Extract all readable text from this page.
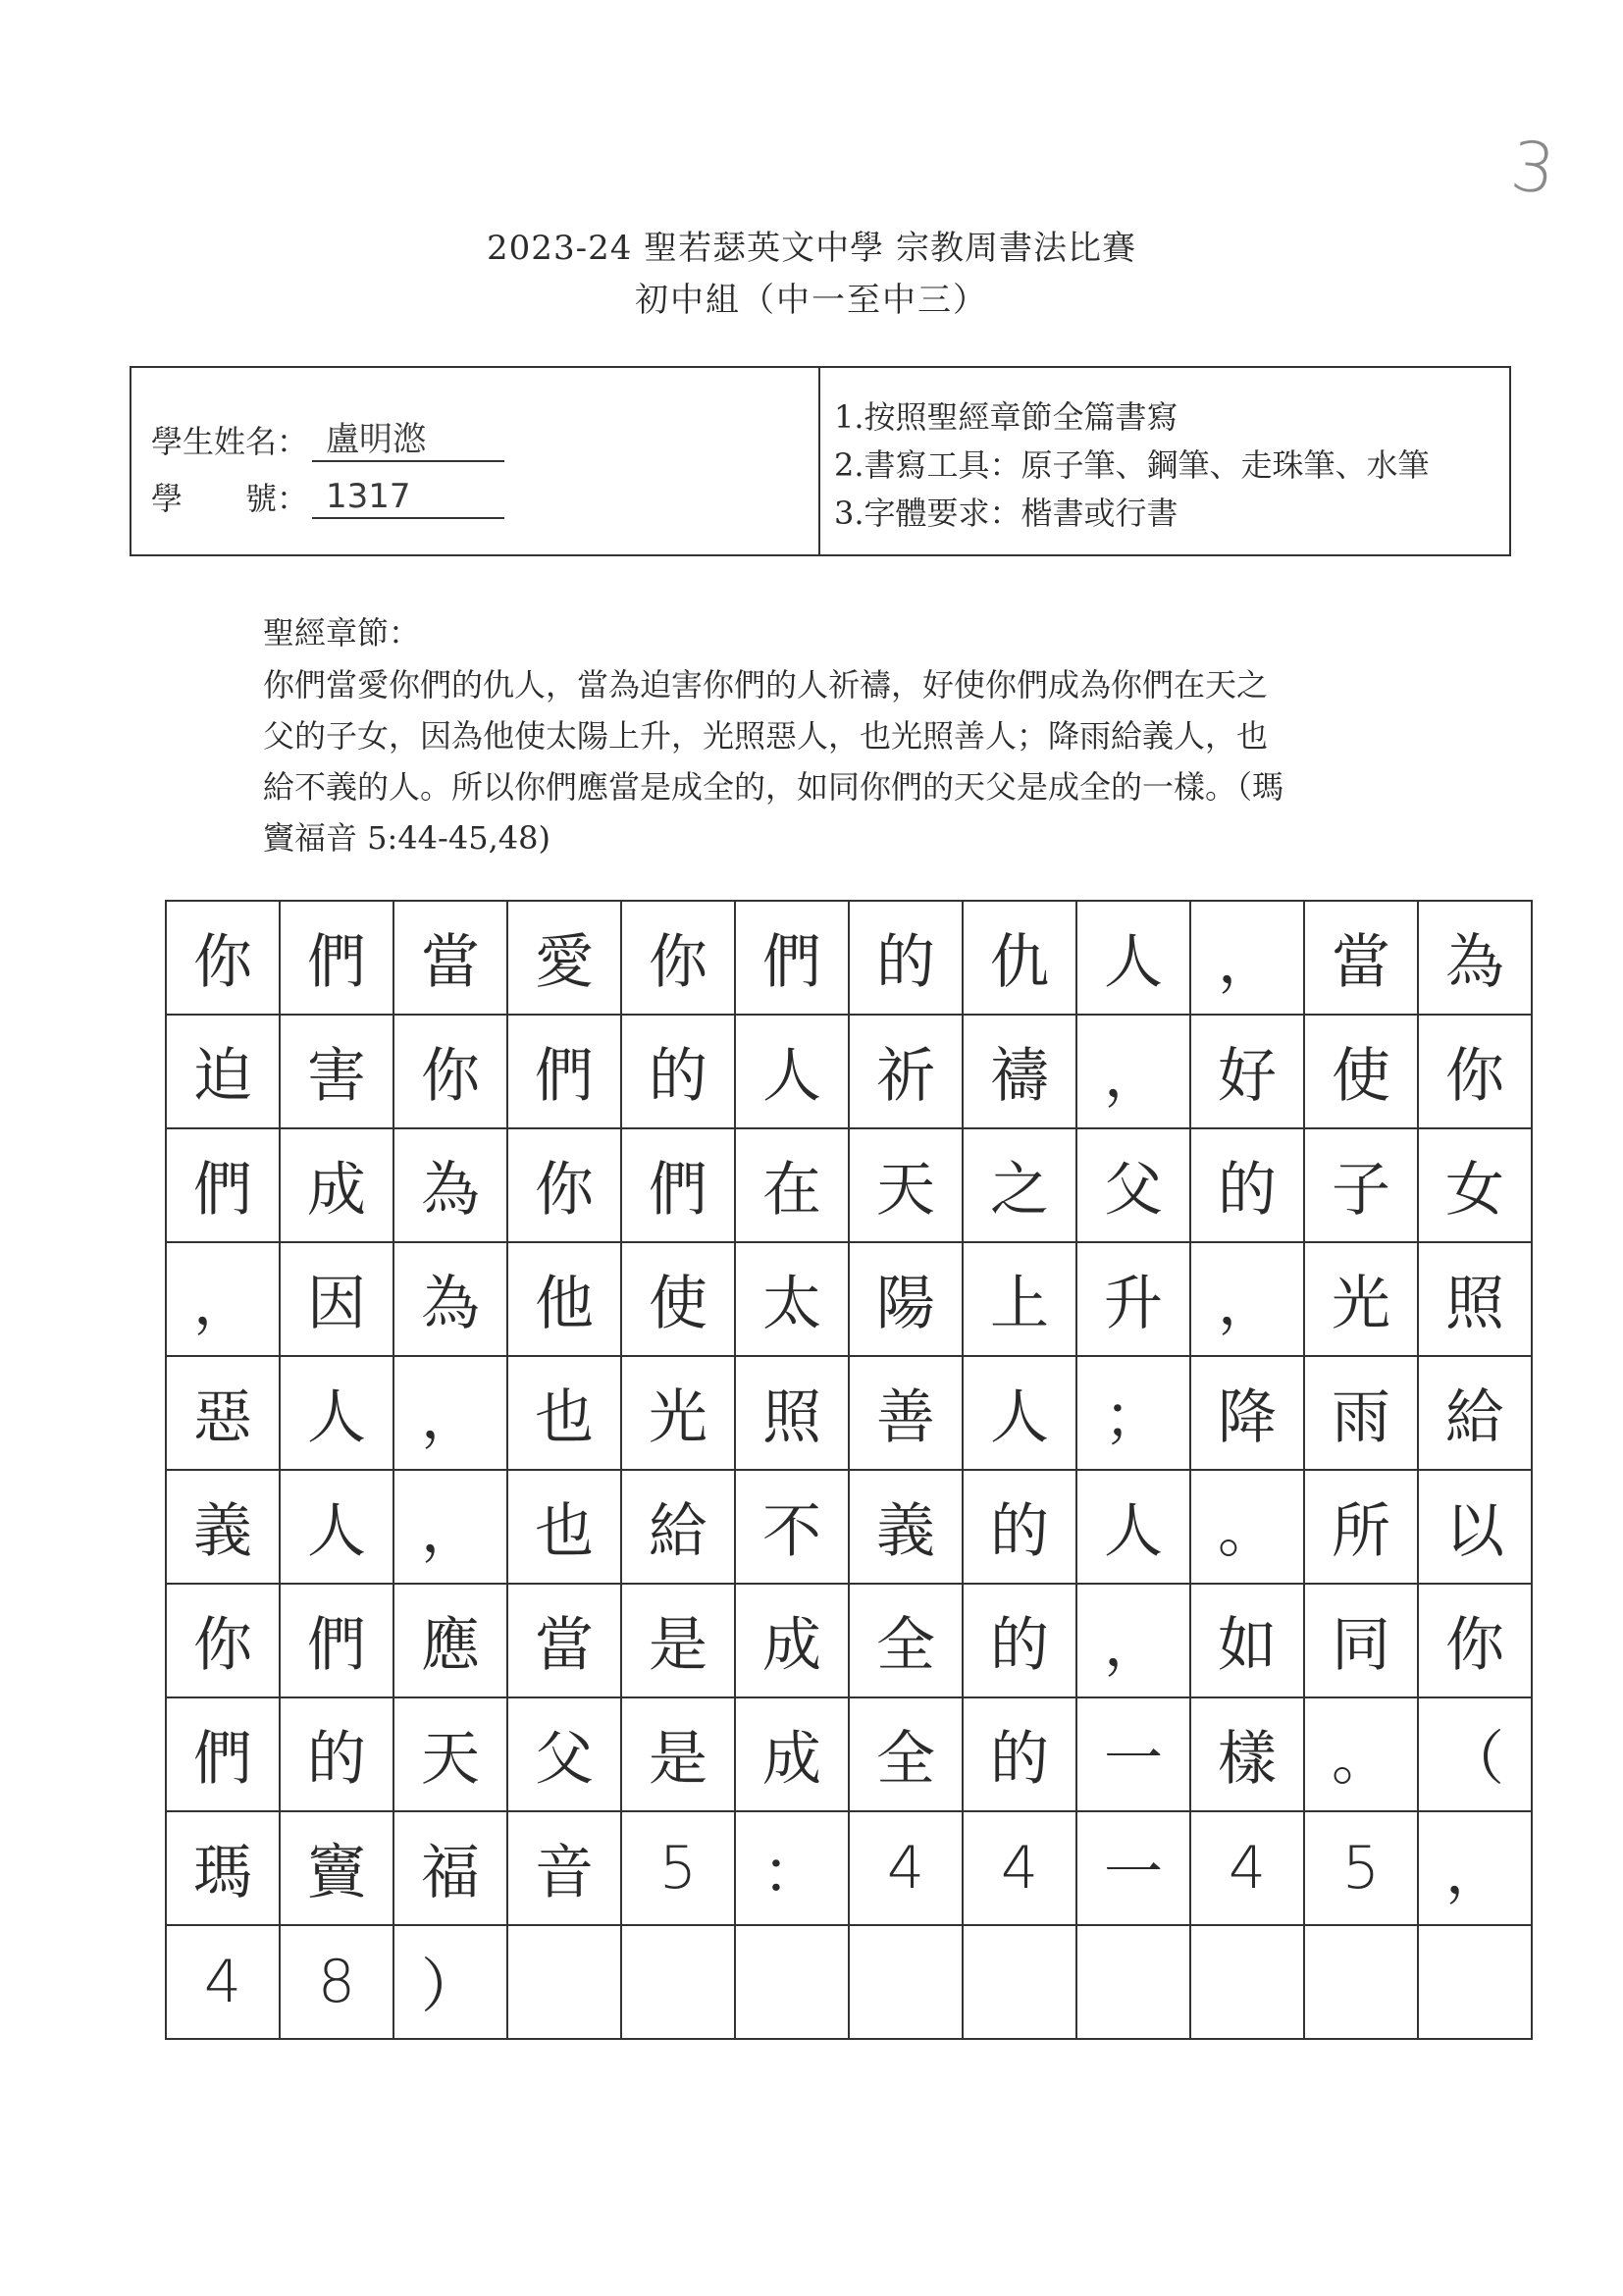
3
2023-24 聖若瑟英文中學 宗教周書法比賽
初中組（中一至中三）
學生姓名： 盧明滺
學　　號： 1317
1.按照聖經章節全篇書寫
2.書寫工具：原子筆、鋼筆、走珠筆、水筆
3.字體要求：楷書或行書
聖經章節：
你們當愛你們的仇人，當為迫害你們的人祈禱，好使你們成為你們在天之
父的子女，因為他使太陽上升，光照惡人，也光照善人；降雨給義人，也
給不義的人。所以你們應當是成全的，如同你們的天父是成全的一樣。（瑪
竇福音 5:44-45,48)
你	們	當	愛	你	們	的	仇	人	，	當	為
迫	害	你	們	的	人	祈	禱	，	好	使	你
們	成	為	你	們	在	天	之	父	的	子	女
，	因	為	他	使	太	陽	上	升	，	光	照
惡	人	，	也	光	照	善	人	；	降	雨	給
義	人	，	也	給	不	義	的	人	。	所	以
你	們	應	當	是	成	全	的	，	如	同	你
們	的	天	父	是	成	全	的	一	樣	。	（
瑪	竇	福	音	5	：	4	4	一	4	5	，
4	8	）									
